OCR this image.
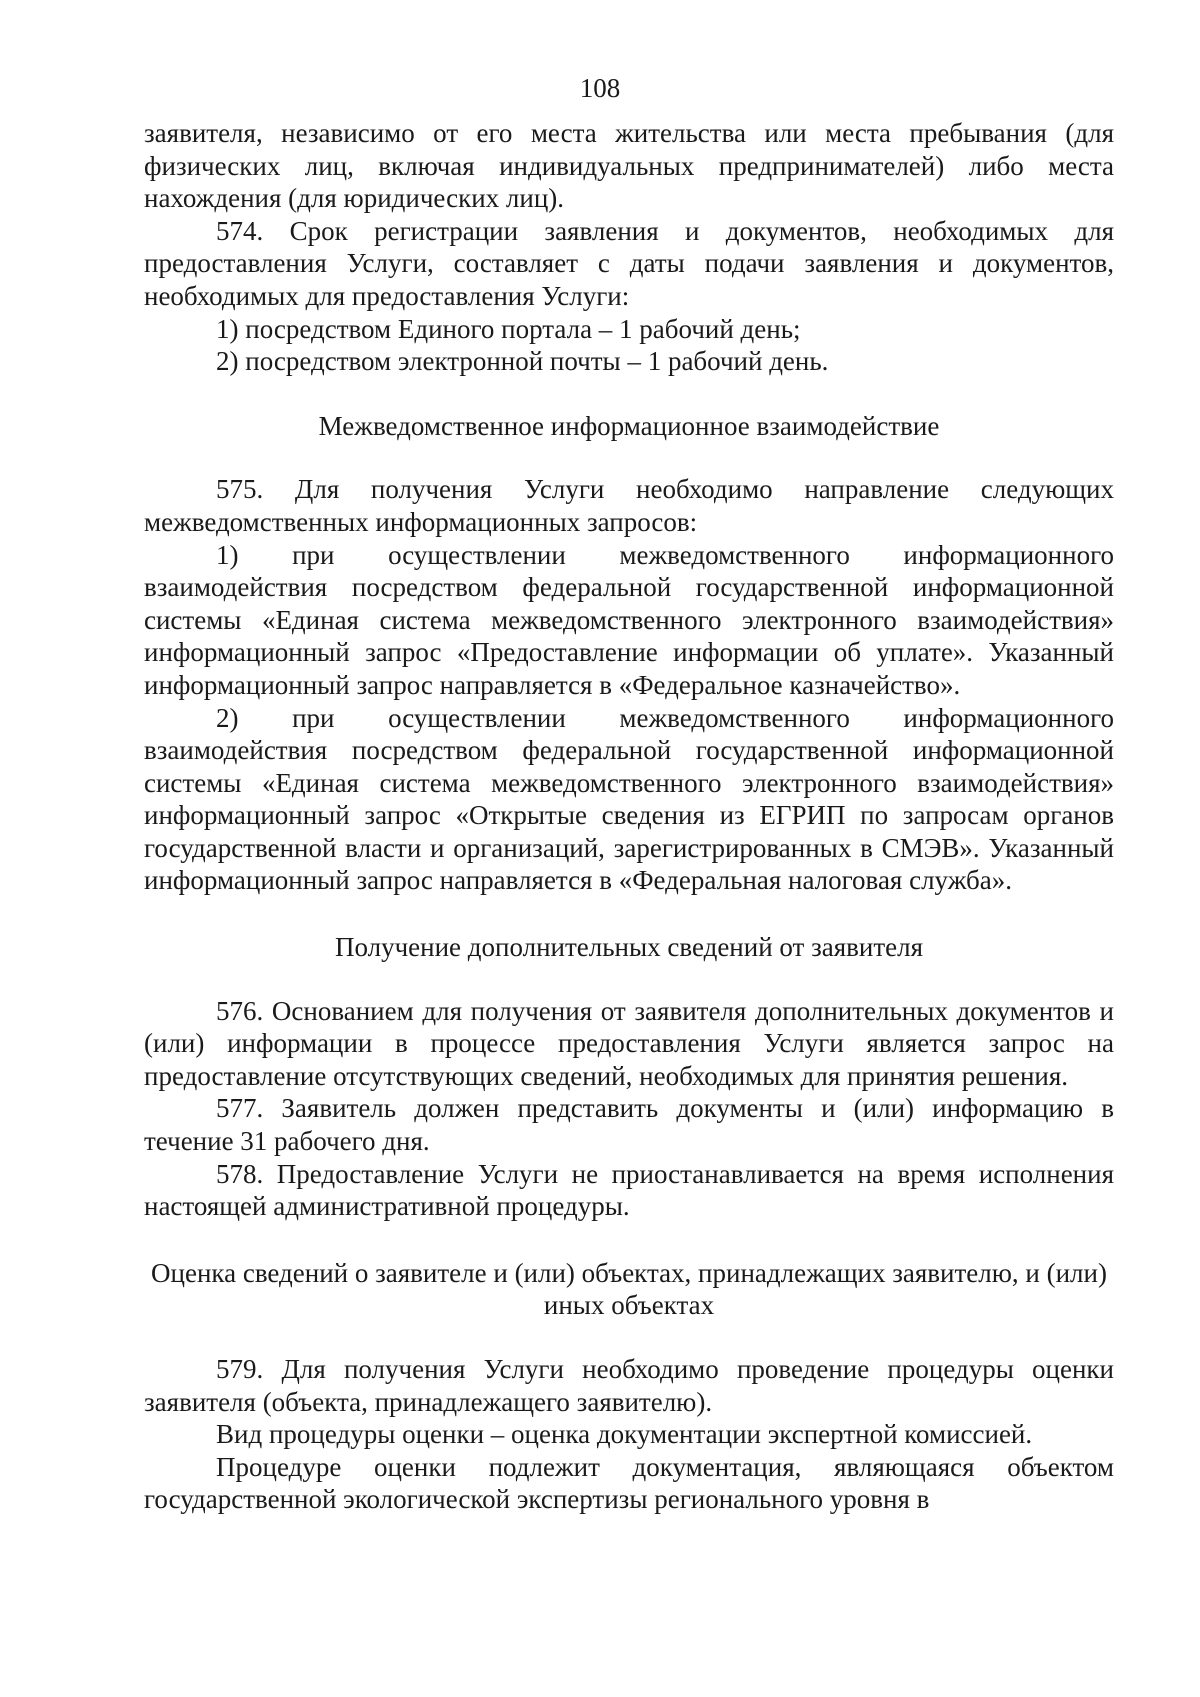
108

заявителя, независимо от его места жительства или места пребывания (для физических лиц, включая индивидуальных предпринимателей) либо места нахождения (для юридических лиц).

574. Срок регистрации заявления и документов, необходимых для предоставления Услуги, составляет с даты подачи заявления и документов, необходимых для предоставления Услуги:

1) посредством Единого портала – 1 рабочий день;

2) посредством электронной почты – 1 рабочий день.

Межведомственное информационное взаимодействие

575. Для получения Услуги необходимо направление следующих межведомственных информационных запросов:

1) при осуществлении межведомственного информационного взаимодействия посредством федеральной государственной информационной системы «Единая система межведомственного электронного взаимодействия» информационный запрос «Предоставление информации об уплате». Указанный информационный запрос направляется в «Федеральное казначейство».

2) при осуществлении межведомственного информационного взаимодействия посредством федеральной государственной информационной системы «Единая система межведомственного электронного взаимодействия» информационный запрос «Открытые сведения из ЕГРИП по запросам органов государственной власти и организаций, зарегистрированных в СМЭВ». Указанный информационный запрос направляется в «Федеральная налоговая служба».

Получение дополнительных сведений от заявителя

576. Основанием для получения от заявителя дополнительных документов и (или) информации в процессе предоставления Услуги является запрос на предоставление отсутствующих сведений, необходимых для принятия решения.

577. Заявитель должен представить документы и (или) информацию в течение 31 рабочего дня.

578. Предоставление Услуги не приостанавливается на время исполнения настоящей административной процедуры.

Оценка сведений о заявителе и (или) объектах, принадлежащих заявителю, и (или) иных объектах

579. Для получения Услуги необходимо проведение процедуры оценки заявителя (объекта, принадлежащего заявителю).

Вид процедуры оценки – оценка документации экспертной комиссией.

Процедуре оценки подлежит документация, являющаяся объектом государственной экологической экспертизы регионального уровня в
